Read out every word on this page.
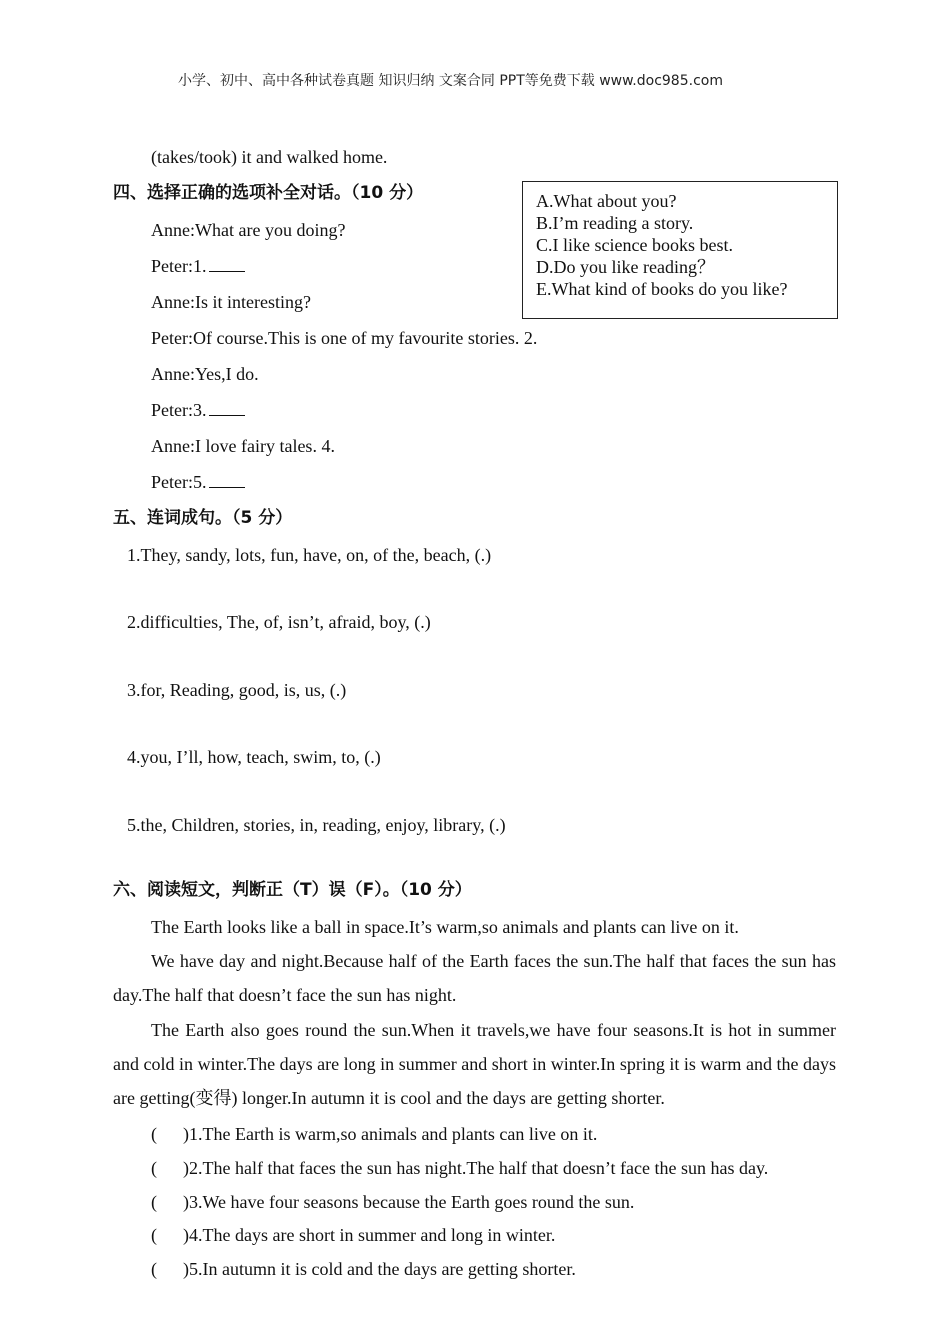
小学、初中、高中各种试卷真题 知识归纳 文案合同 PPT等免费下载 www.doc985.com
(takes/took) it and walked home.
四、选择正确的选项补全对话。（10 分）
Anne:What are you doing?
Peter:1.
Anne:Is it interesting?
Peter:Of course.This is one of my favourite stories. 2.
Anne:Yes,I do.
Peter:3.
Anne:I love fairy tales. 4.
Peter:5.
A.What about you?
B.I’m reading a story.
C.I like science books best.
D.Do you like reading？
E.What kind of books do you like?
五、连词成句。（5 分）
1.They, sandy, lots, fun, have, on, of the, beach, (.)
2.difficulties, The, of, isn’t, afraid, boy, (.)
3.for, Reading, good, is, us, (.)
4.you, I’ll, how, teach, swim, to, (.)
5.the, Children, stories, in, reading, enjoy, library, (.)
六、阅读短文，判断正（T）误（F）。（10 分）
The Earth looks like a ball in space.It’s warm,so animals and plants can live on it.
We have day and night.Because half of the Earth faces the sun.The half that faces the sun has day.The half that doesn’t face the sun has night.
The Earth also goes round the sun.When it travels,we have four seasons.It is hot in summer and cold in winter.The days are long in summer and short in winter.In spring it is warm and the days are getting(变得) longer.In autumn it is cool and the days are getting shorter.
( )1.The Earth is warm,so animals and plants can live on it.
( )2.The half that faces the sun has night.The half that doesn’t face the sun has day.
( )3.We have four seasons because the Earth goes round the sun.
( )4.The days are short in summer and long in winter.
( )5.In autumn it is cold and the days are getting shorter.
